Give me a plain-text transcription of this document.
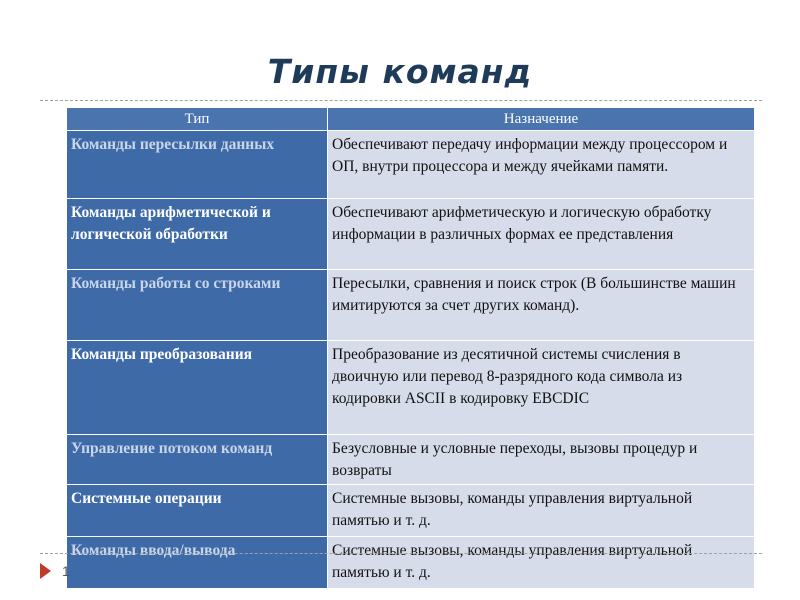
Типы команд
Тип	Назначение
Команды пересылки данных	Обеспечивают передачу информации между процессором и ОП, внутри процессора и между ячейками памяти.
Команды арифметической и логической обработки	Обеспечивают арифметическую и логическую обработку информации в различных формах ее представления
Команды работы со строками	Пересылки, сравнения и поиск строк (В большинстве машин имитируются за счет других команд).
Команды преобразования	Преобразование из десятичной системы счисления в двоичную или перевод 8-разрядного кода символа из кодировки ASCII в кодировку EBCDIC
Управление потоком команд	Безусловные и условные переходы, вызовы процедур и возвраты
Системные операции	Системные вызовы, команды управления виртуальной памятью и т. д.
Команды ввода/вывода	Системные вызовы, команды управления виртуальной памятью и т. д.
1
